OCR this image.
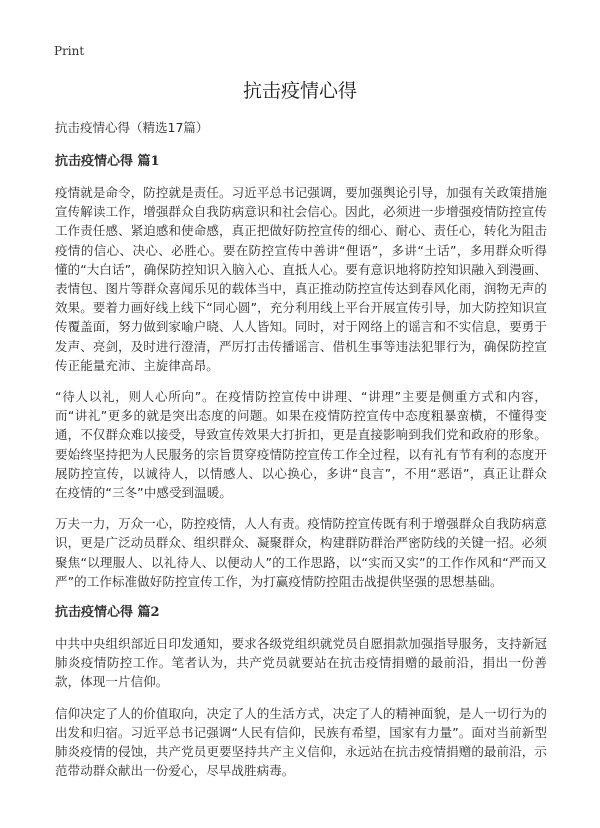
Print
抗击疫情心得

抗击疫情心得（精选17篇）

抗击疫情心得 篇1

疫情就是命令，防控就是责任。习近平总书记强调，要加强舆论引导，加强有关政策措施宣传解读工作，增强群众自我防病意识和社会信心。因此，必须进一步增强疫情防控宣传工作责任感、紧迫感和使命感，真正把做好防控宣传的细心、耐心、责任心，转化为阻击疫情的信心、决心、必胜心。要在防控宣传中善讲“俚语”，多讲“土话”，多用群众听得懂的“大白话”，确保防控知识入脑入心、直抵人心。要有意识地将防控知识融入到漫画、表情包、图片等群众喜闻乐见的载体当中，真正推动防控宣传达到春风化雨，润物无声的效果。要着力画好线上线下“同心圆”，充分利用线上平台开展宣传引导，加大防控知识宣传覆盖面，努力做到家喻户晓、人人皆知。同时，对于网络上的谣言和不实信息，要勇于发声、亮剑，及时进行澄清，严厉打击传播谣言、借机生事等违法犯罪行为，确保防控宣传正能量充沛、主旋律高昂。

“待人以礼，则人心所向”。在疫情防控宣传中讲理、“讲理”主要是侧重方式和内容，而“讲礼”更多的就是突出态度的问题。如果在疫情防控宣传中态度粗暴蛮横，不懂得变通，不仅群众难以接受，导致宣传效果大打折扣，更是直接影响到我们党和政府的形象。要始终坚持把为人民服务的宗旨贯穿疫情防控宣传工作全过程，以有礼有节有利的态度开展防控宣传，以诚待人，以情感人、以心换心，多讲“良言”，不用“恶语”，真正让群众在疫情的“三冬”中感受到温暖。

万夫一力，万众一心，防控疫情，人人有责。疫情防控宣传既有利于增强群众自我防病意识，更是广泛动员群众、组织群众、凝聚群众，构建群防群治严密防线的关键一招。必须聚焦“以理服人、以礼待人、以便动人”的工作思路，以“实而又实”的工作作风和“严而又严”的工作标准做好防控宣传工作，为打赢疫情防控阻击战提供坚强的思想基础。

抗击疫情心得 篇2

中共中央组织部近日印发通知，要求各级党组织就党员自愿捐款加强指导服务，支持新冠肺炎疫情防控工作。笔者认为，共产党员就要站在抗击疫情捐赠的最前沿，捐出一份善款，体现一片信仰。

信仰决定了人的价值取向，决定了人的生活方式，决定了人的精神面貌，是人一切行为的出发和归宿。习近平总书记强调“人民有信仰，民族有希望，国家有力量”。面对当前新型肺炎疫情的侵蚀，共产党员更要坚持共产主义信仰，永远站在抗击疫情捐赠的最前沿，示范带动群众献出一份爱心，尽早战胜病毒。
